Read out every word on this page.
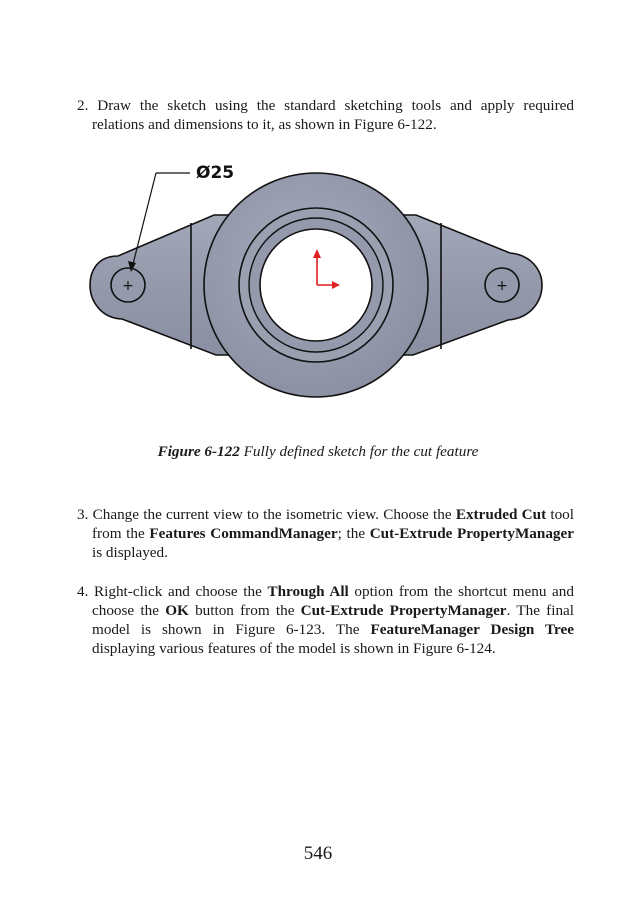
2. Draw the sketch using the standard sketching tools and apply required relations and dimensions to it, as shown in Figure 6-122.
+	+
Ø25
Figure 6-122 Fully defined sketch for the cut feature
3. Change the current view to the isometric view. Choose the Extruded Cut tool from the Features CommandManager; the Cut-Extrude PropertyManager is displayed.
4. Right-click and choose the Through All option from the shortcut menu and choose the OK button from the Cut-Extrude PropertyManager. The final model is shown in Figure 6-123. The FeatureManager Design Tree displaying various features of the model is shown in Figure 6-124.
546
